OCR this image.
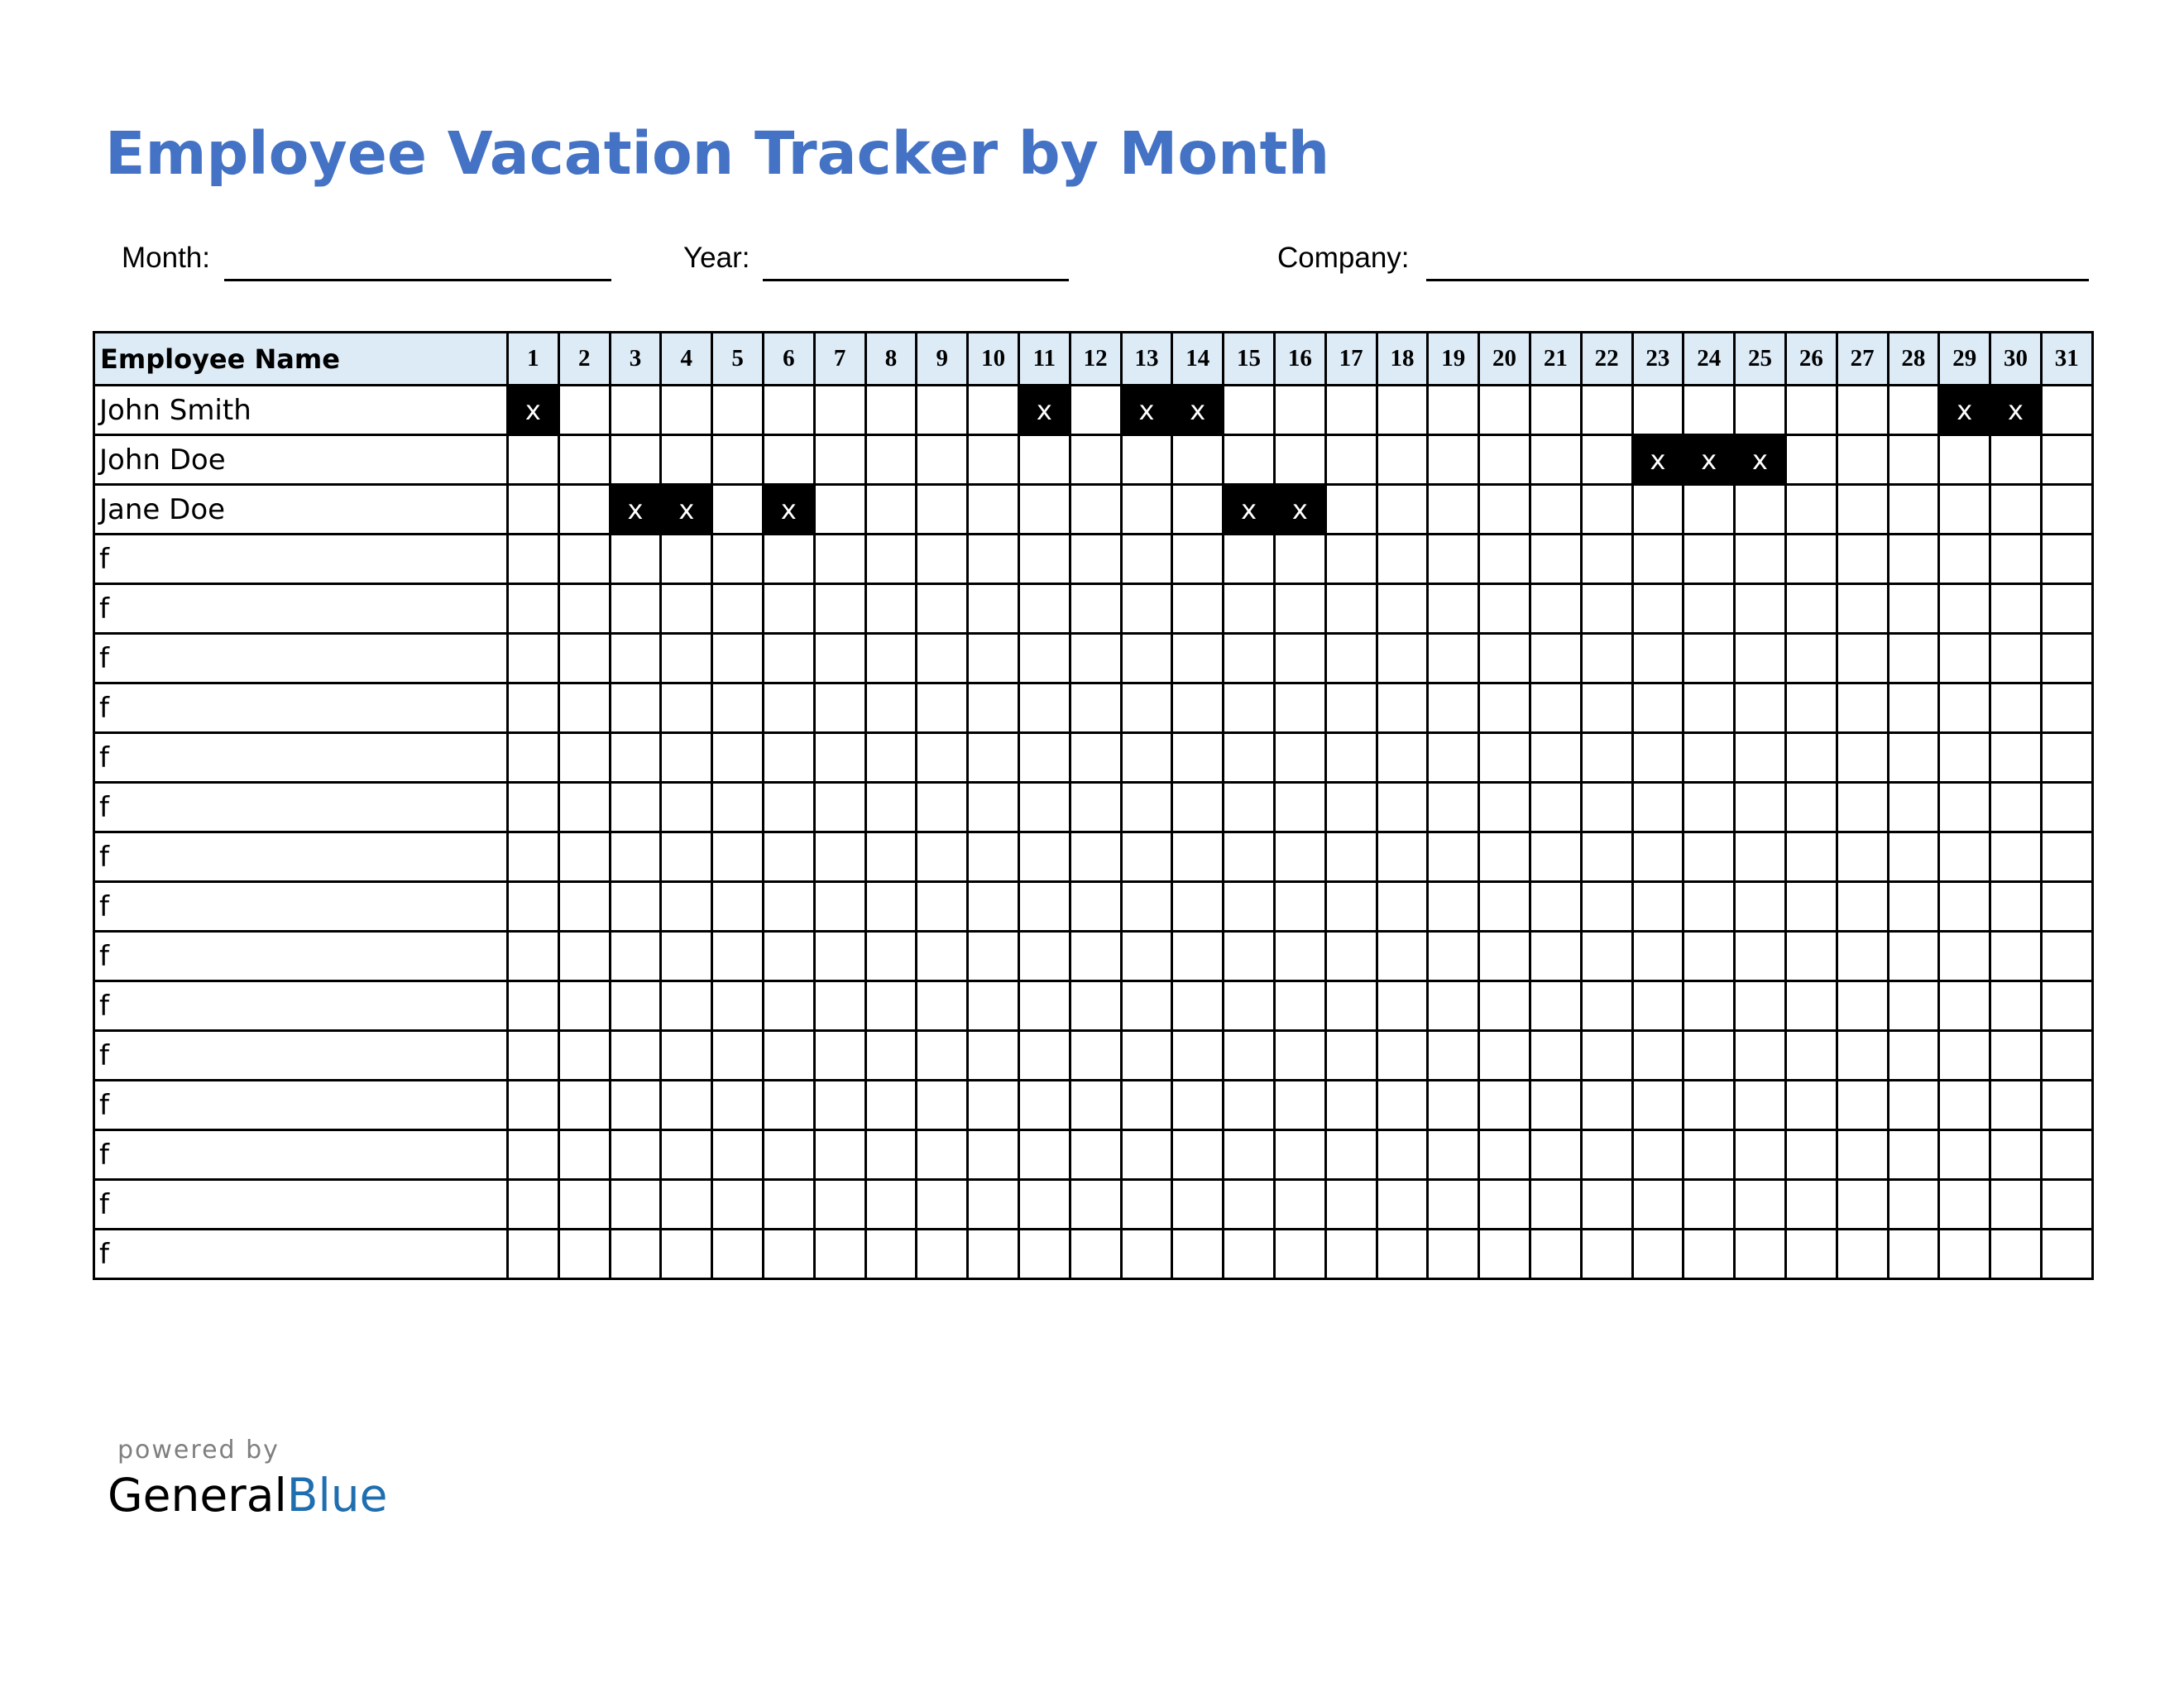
Employee Vacation Tracker by Month
Month:	Year:	Company:
Employee Name	1	2	3	4	5	6	7	8	9	10	11	12	13	14	15	16	17	18	19	20	21	22	23	24	25	26	27	28	29	30	31
John Smith	x										x		x	x															x	x	
John Doe																							x	x	x						
Jane Doe			x	x		x									x	x															
f																															
f																															
f																															
f																															
f																															
f																															
f																															
f																															
f																															
f																															
f																															
f																															
f																															
f																															
f																															
powered by
GeneralBlue
